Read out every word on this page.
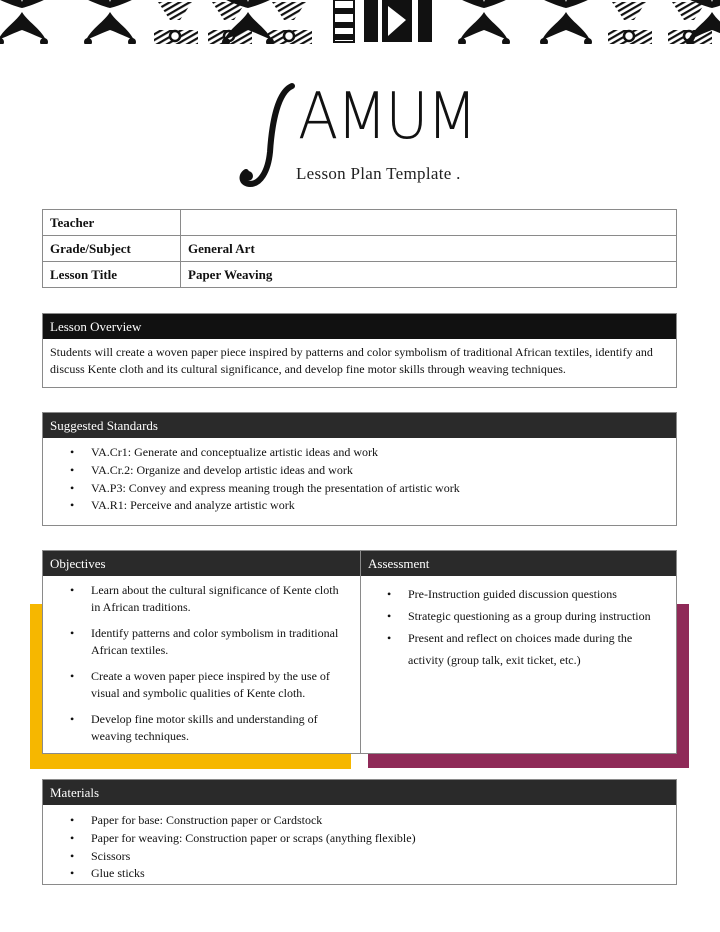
AMUM
Lesson Plan Template .
Teacher	
Grade/Subject	General Art
Lesson Title	Paper Weaving
Lesson Overview
Students will create a woven paper piece inspired by patterns and color symbolism of traditional African textiles, identify and discuss Kente cloth and its cultural significance, and develop fine motor skills through weaving techniques.
Suggested Standards
• VA.Cr1: Generate and conceptualize artistic ideas and work
• VA.Cr.2: Organize and develop artistic ideas and work
• VA.P3: Convey and express meaning trough the presentation of artistic work
• VA.R1: Perceive and analyze artistic work
Objectives
• Learn about the cultural significance of Kente cloth in African traditions.
• Identify patterns and color symbolism in traditional African textiles.
• Create a woven paper piece inspired by the use of visual and symbolic qualities of Kente cloth.
• Develop fine motor skills and understanding of weaving techniques.
Assessment
• Pre-Instruction guided discussion questions
• Strategic questioning as a group during instruction
• Present and reflect on choices made during the activity (group talk, exit ticket, etc.)
Materials
• Paper for base: Construction paper or Cardstock
• Paper for weaving: Construction paper or scraps (anything flexible)
• Scissors
• Glue sticks
